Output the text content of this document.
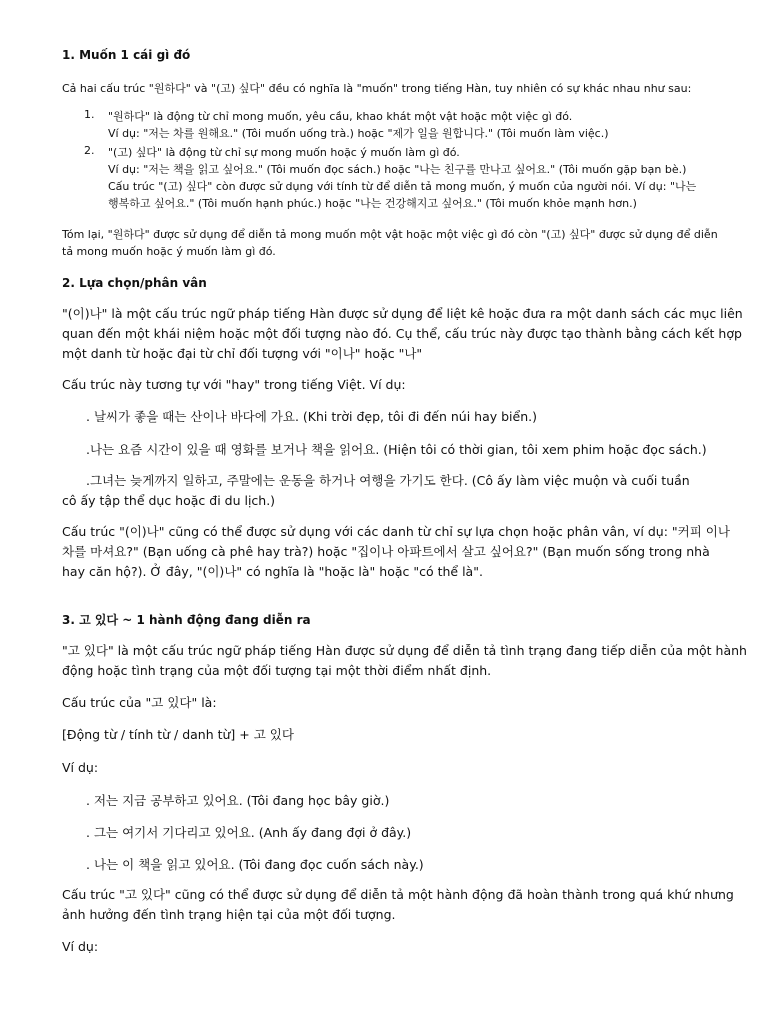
1. Muốn 1 cái gì đó
Cả hai cấu trúc "원하다" và "(고) 싶다" đều có nghĩa là "muốn" trong tiếng Hàn, tuy nhiên có sự khác nhau như sau:
1. "원하다" là động từ chỉ mong muốn, yêu cầu, khao khát một vật hoặc một việc gì đó.
Ví dụ: "저는 차를 원해요." (Tôi muốn uống trà.) hoặc "제가 일을 원합니다." (Tôi muốn làm việc.)
2. "(고) 싶다" là động từ chỉ sự mong muốn hoặc ý muốn làm gì đó.
Ví dụ: "저는 책을 읽고 싶어요." (Tôi muốn đọc sách.) hoặc "나는 친구를 만나고 싶어요." (Tôi muốn gặp bạn bè.)
Cấu trúc "(고) 싶다" còn được sử dụng với tính từ để diễn tả mong muốn, ý muốn của người nói. Ví dụ: "나는
행복하고 싶어요." (Tôi muốn hạnh phúc.) hoặc "나는 건강해지고 싶어요." (Tôi muốn khỏe mạnh hơn.)
Tóm lại, "원하다" được sử dụng để diễn tả mong muốn một vật hoặc một việc gì đó còn "(고) 싶다" được sử dụng để diễn
tả mong muốn hoặc ý muốn làm gì đó.
2. Lựa chọn/phân vân
"(이)나" là một cấu trúc ngữ pháp tiếng Hàn được sử dụng để liệt kê hoặc đưa ra một danh sách các mục liên
quan đến một khái niệm hoặc một đối tượng nào đó. Cụ thể, cấu trúc này được tạo thành bằng cách kết hợp
một danh từ hoặc đại từ chỉ đối tượng với "이나" hoặc "나"
Cấu trúc này tương tự với "hay" trong tiếng Việt. Ví dụ:
. 날씨가 좋을 때는 산이나 바다에 가요. (Khi trời đẹp, tôi đi đến núi hay biển.)
.나는 요즘 시간이 있을 때 영화를 보거나 책을 읽어요. (Hiện tôi có thời gian, tôi xem phim hoặc đọc sách.)
.그녀는 늦게까지 일하고, 주말에는 운동을 하거나 여행을 가기도 한다. (Cô ấy làm việc muộn và cuối tuần
cô ấy tập thể dục hoặc đi du lịch.)
Cấu trúc "(이)나" cũng có thể được sử dụng với các danh từ chỉ sự lựa chọn hoặc phân vân, ví dụ: "커피 이나
차를 마셔요?" (Bạn uống cà phê hay trà?) hoặc "집이나 아파트에서 살고 싶어요?" (Bạn muốn sống trong nhà
hay căn hộ?). Ở đây, "(이)나" có nghĩa là "hoặc là" hoặc "có thể là".
3. 고 있다 ~ 1 hành động đang diễn ra
"고 있다" là một cấu trúc ngữ pháp tiếng Hàn được sử dụng để diễn tả tình trạng đang tiếp diễn của một hành
động hoặc tình trạng của một đối tượng tại một thời điểm nhất định.
Cấu trúc của "고 있다" là:
[Động từ / tính từ / danh từ] + 고 있다
Ví dụ:
. 저는 지금 공부하고 있어요. (Tôi đang học bây giờ.)
. 그는 여기서 기다리고 있어요. (Anh ấy đang đợi ở đây.)
. 나는 이 책을 읽고 있어요. (Tôi đang đọc cuốn sách này.)
Cấu trúc "고 있다" cũng có thể được sử dụng để diễn tả một hành động đã hoàn thành trong quá khứ nhưng
ảnh hưởng đến tình trạng hiện tại của một đối tượng.
Ví dụ:
